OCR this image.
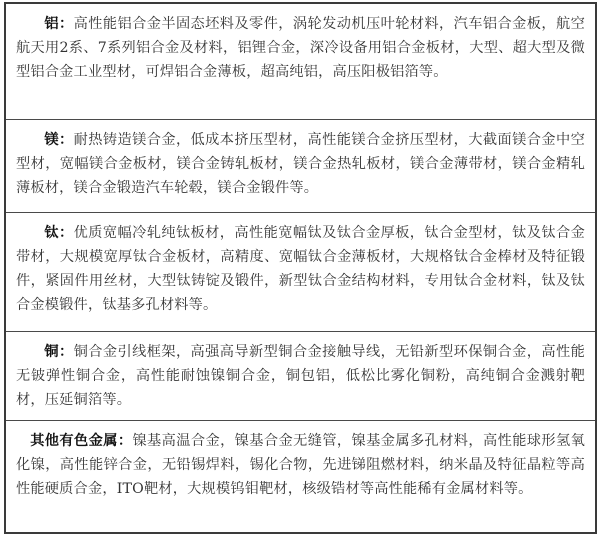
铝：高性能铝合金半固态坯料及零件，涡轮发动机压叶轮材料，汽车铝合金板，航空航天用2系、7系列铝合金及材料，铝锂合金，深冷设备用铝合金板材，大型、超大型及微型铝合金工业型材，可焊铝合金薄板，超高纯铝，高压阳极铝箔等。
镁：耐热铸造镁合金，低成本挤压型材，高性能镁合金挤压型材，大截面镁合金中空型材，宽幅镁合金板材，镁合金铸轧板材，镁合金热轧板材，镁合金薄带材，镁合金精轧薄板材，镁合金锻造汽车轮毂，镁合金锻件等。
钛：优质宽幅冷轧纯钛板材，高性能宽幅钛及钛合金厚板，钛合金型材，钛及钛合金带材，大规模宽厚钛合金板材，高精度、宽幅钛合金薄板材，大规格钛合金棒材及特征锻件，紧固件用丝材，大型钛铸锭及锻件，新型钛合金结构材料，专用钛合金材料，钛及钛合金模锻件，钛基多孔材料等。
铜：铜合金引线框架，高强高导新型铜合金接触导线，无铅新型环保铜合金，高性能无铍弹性铜合金，高性能耐蚀镍铜合金，铜包铝，低松比雾化铜粉，高纯铜合金溅射靶材，压延铜箔等。
其他有色金属：镍基高温合金，镍基合金无缝管，镍基金属多孔材料，高性能球形氢氧化镍，高性能锌合金，无铅锡焊料，锡化合物，先进锑阻燃材料，纳米晶及特征晶粒等高性能硬质合金，ITO靶材，大规模钨钼靶材，核级锆材等高性能稀有金属材料等。
